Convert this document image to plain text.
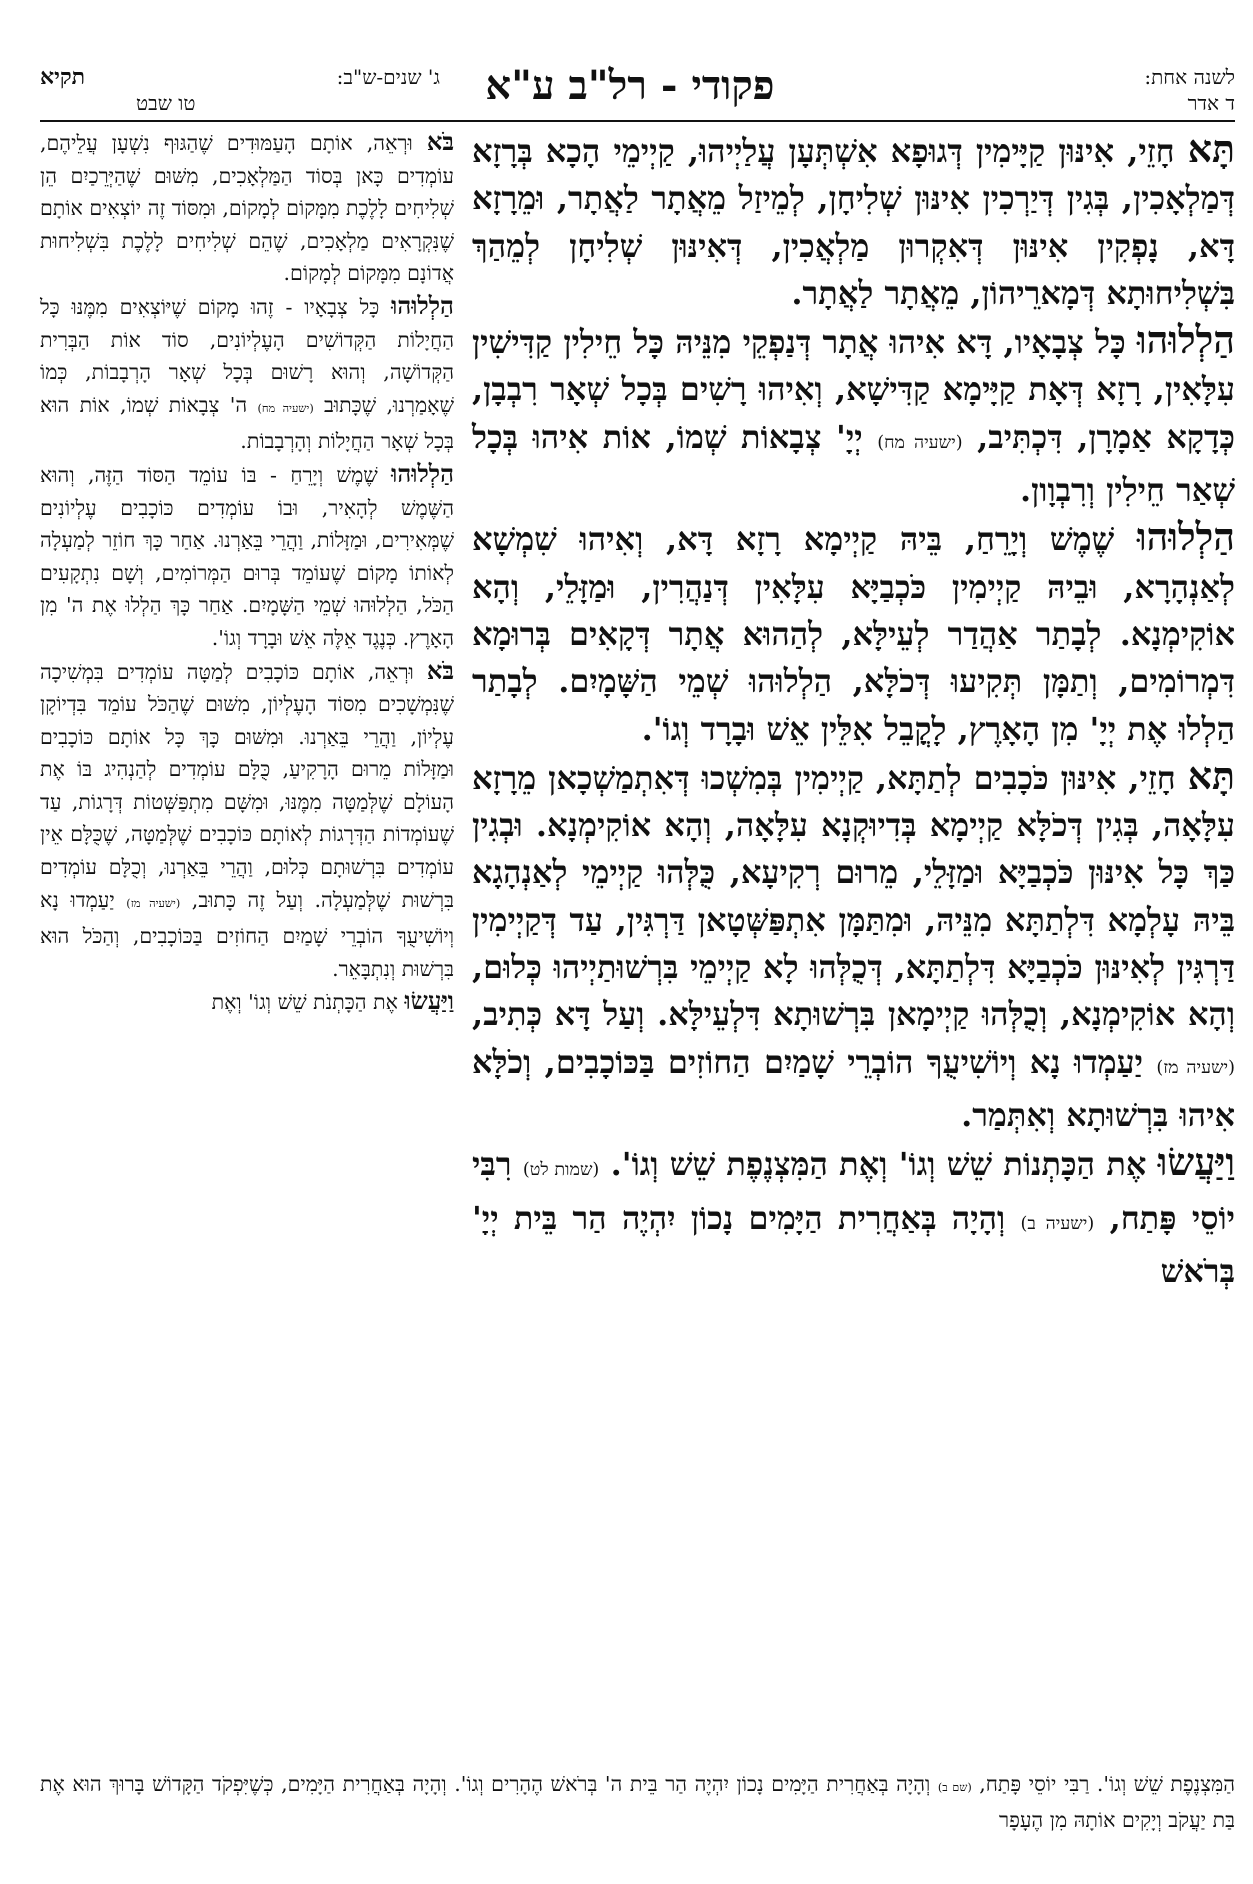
לשנה אחת:
ד אדר
פקודי - רל"ב ע"א
ג' שנים-ש"ב:
תקיא
טו שבט

תָּא חָזֵי, אִינּוּן קַיָּימִין דְּגוּפָא אִשְׁתְּעָן עֲלַיְיהוּ, קַיְימֵי הָכָא בְּרָזָא דְּמַלְאָכִין, בְּגִין דְּיַרְכִין אִינּוּן שְׁלִיחָן, לְמֵיזַל מֵאֲתָר לַאֲתָר, וּמֵרָזָא דָּא, נָפְקִין אִינּוּן דְּאִקְרוּן מַלְאֲכִין, דְּאִינּוּן שְׁלִיחָן לְמֵהַךְ בִּשְׁלִיחוּתָא דְּמָארֵיהוֹן, מֵאֲתָר לַאֲתָר.

הַלְלוּהוּ כָּל צְבָאָיו, דָּא אִיהוּ אֲתָר דְּנַפְקֵי מִנֵּיהּ כָּל חֵילִין קַדִּישִׁין עִלָּאִין, רָזָא דְּאָת קַיָּימָא קַדִּישָׁא, וְאִיהוּ רָשִׁים בְּכָל שְׁאָר רִבְבָן, כְּדָקָא אַמָרָן, דִּכְתִּיב, (ישעיה מח) יְיָ' צְבָאוֹת שְׁמוֹ, אוֹת אִיהוּ בְּכָל שְׁאַר חֵילִין וְרִבְוָון.

הַלְלוּהוּ שֶׁמֶשׁ וְיָרֵחַ, בֵּיהּ קַיְימָא רָזָא דָּא, וְאִיהוּ שִׁמְשָׁא לְאַנְהָרָא, וּבֵיהּ קַיְימִין כֹּכְבַיָּא עִלָּאִין דְּנַהֲרִין, וּמַזָּלֵי, וְהָא אוֹקִימְנָא. לְבָתַר אַהֲדַר לְעֵילָּא, לְהַהוּא אֲתָר דְּקָאִים בְּרוּמָא דִּמְרוֹמִים, וְתַמָּן תְּקִיעוּ דְּכֹלָּא, הַלְלוּהוּ שְׁמֵי הַשָּׁמָיִם. לְבָתַר הַלְלוּ אֶת יְיָ' מִן הָאָרֶץ, לָקֳבֵל אִלֵּין אֵשׁ וּבָרָד וְגוֹ'.

תָּא חָזֵי, אִינּוּן כֹּכָבִים לְתַתָּא, קַיְימִין בְּמִשְׁכוּ דְּאִתְמַשְׁכָאן מֵרָזָא עִלָּאָה, בְּגִין דְּכֹלָּא קַיְימָא בְּדִיוּקְנָא עִלָּאָה, וְהָא אוֹקִימְנָא. וּבְגִין כַּךְ כָּל אִינּוּן כֹּכְבַיָּא וּמַזָּלֵי, מֵרוּם רְקִיעָא, כֻּלְּהוּ קַיְימֵי לְאַנְהָגָא בֵּיהּ עָלְמָא דִּלְתַתָּא מִנֵּיהּ, וּמִתַּמָּן אִתְפַּשְּׁטָאן דַּרְגִּין, עַד דְּקַיְימִין דַּרְגִּין לְאִינּוּן כֹּכְבַיָּא דִּלְתַתָּא, דְּכֻלְּהוּ לָא קַיְימֵי בִּרְשׁוּתַיְיהוּ כְּלוּם, וְהָא אוֹקִימְנָא, וְכֻלְּהוּ קַיְימָאן בִּרְשׁוּתָא דִּלְעֵילָּא. וְעַל דָּא כְּתִיב, (ישעיה מז) יַעַמְדוּ נָא וְיוֹשִׁיעֻךָ הוֹבְרֵי שָׁמַיִם הַחוֹזִים בַּכּוֹכָבִים, וְכֹלָּא אִיהוּ בִּרְשׁוּתָא וְאִתְּמַר.

וַיַּעֲשׂוּ אֶת הַכָּתְנוֹת שֵׁשׁ וְגוֹ' וְאֶת הַמִּצְנֶפֶת שֵׁשׁ וְגוֹ'. (שמות לט) רִבִּי יוֹסֵי פָּתַח, (ישעיה ב) וְהָיָה בְּאַחֲרִית הַיָּמִים נָכוֹן יִהְיֶה הַר בֵּית יְיָ' בְּרֹאשׁ

בֹּא וּרְאֵה, אוֹתָם הָעַמּוּדִים שֶׁהַגּוּף נִשְׁעָן עֲלֵיהֶם, עוֹמְדִים כָּאן בְּסוֹד הַמַּלְאָכִים, מִשּׁוּם שֶׁהַיְּרֵכַיִם הֵן שְׁלִיחִים לָלֶכֶת מִמָּקוֹם לְמָקוֹם, וּמִסּוֹד זֶה יוֹצְאִים אוֹתָם שֶׁנִּקְרָאִים מַלְאָכִים, שֶׁהֵם שְׁלִיחִים לָלֶכֶת בִּשְׁלִיחוּת אֲדוֹנָם מִמָּקוֹם לְמָקוֹם.

הַלְלוּהוּ כָּל צְבָאָיו - זֶהוּ מָקוֹם שֶׁיּוֹצְאִים מִמֶּנּוּ כָּל הַחֲיָלוֹת הַקְּדוֹשִׁים הָעֶלְיוֹנִים, סוֹד אוֹת הַבְּרִית הַקְּדוֹשָׁה, וְהוּא רָשׁוּם בְּכָל שְׁאָר הָרְבָבוֹת, כְּמוֹ שֶׁאָמַרְנוּ, שֶׁכָּתוּב (ישעיה מח) ה' צְבָאוֹת שְׁמוֹ, אוֹת הוּא בְּכָל שְׁאָר הַחֲיָלוֹת וְהָרְבָבוֹת.

הַלְלוּהוּ שֶׁמֶשׁ וְיָרֵחַ - בּוֹ עוֹמֵד הַסּוֹד הַזֶּה, וְהוּא הַשֶּׁמֶשׁ לְהָאִיר, וּבוֹ עוֹמְדִים כּוֹכָבִים עֶלְיוֹנִים שֶׁמְּאִירִים, וּמַזָּלוֹת, וַהֲרֵי בֵּאַרְנוּ. אַחַר כָּךְ חוֹזֵר לְמַעְלָה לְאוֹתוֹ מָקוֹם שֶׁעוֹמֵד בְּרוּם הַמְּרוֹמִים, וְשָׁם נִתְקָעִים הַכֹּל, הַלְלוּהוּ שְׁמֵי הַשָּׁמָיִם. אַחַר כָּךְ הַלְלוּ אֶת ה' מִן הָאָרֶץ. כְּנֶגֶד אֵלֶּה אֵשׁ וּבָרָד וְגוֹ'.

בֹּא וּרְאֵה, אוֹתָם כּוֹכָבִים לְמַטָּה עוֹמְדִים בִּמְשִׁיכָה שֶׁנִּמְשָׁכִים מִסּוֹד הָעֶלְיוֹן, מִשּׁוּם שֶׁהַכֹּל עוֹמֵד בִּדְיוֹקָן עֶלְיוֹן, וַהֲרֵי בֵּאַרְנוּ. וּמִשּׁוּם כָּךְ כָּל אוֹתָם כּוֹכָבִים וּמַזָּלוֹת מֵרוּם הָרָקִיעַ, כֻּלָּם עוֹמְדִים לְהַנְהִיג בּוֹ אֶת הָעוֹלָם שֶׁלְּמַטָּה מִמֶּנּוּ, וּמִשָּׁם מִתְפַּשְּׁטוֹת דְּרָגוֹת, עַד שֶׁעוֹמְדוֹת הַדְּרָגוֹת לְאוֹתָם כּוֹכָבִים שֶׁלְּמַטָּה, שֶׁכֻּלָּם אֵין עוֹמְדִים בִּרְשׁוּתָם כְּלוּם, וַהֲרֵי בֵּאַרְנוּ, וְכֻלָּם עוֹמְדִים בִּרְשׁוּת שֶׁלְּמַעְלָה. וְעַל זֶה כָּתוּב, (ישעיה מז) יַעַמְדוּ נָא וְיוֹשִׁיעֻךָ הוֹבְרֵי שָׁמַיִם הַחוֹזִים בַּכּוֹכָבִים, וְהַכֹּל הוּא בִּרְשׁוּת וְנִתְבָּאֵר.

וַיַּעֲשׂוּ אֶת הַכָּתְנֹת שֵׁשׁ וְגוֹ' וְאֶת

הַמִּצְנֶפֶת שֵׁשׁ וְגוֹ'. רַבִּי יוֹסֵי פָּתַח, (שם ב) וְהָיָה בְּאַחֲרִית הַיָּמִים נָכוֹן יִהְיֶה הַר בֵּית ה' בְּרֹאשׁ הֶהָרִים וְגוֹ'. וְהָיָה בְּאַחֲרִית הַיָּמִים, כְּשֶׁיִּפְקֹד הַקָּדוֹשׁ בָּרוּךְ הוּא אֶת בַּת יַעֲקֹב וְיָקִים אוֹתָהּ מִן הֶעָפָר
